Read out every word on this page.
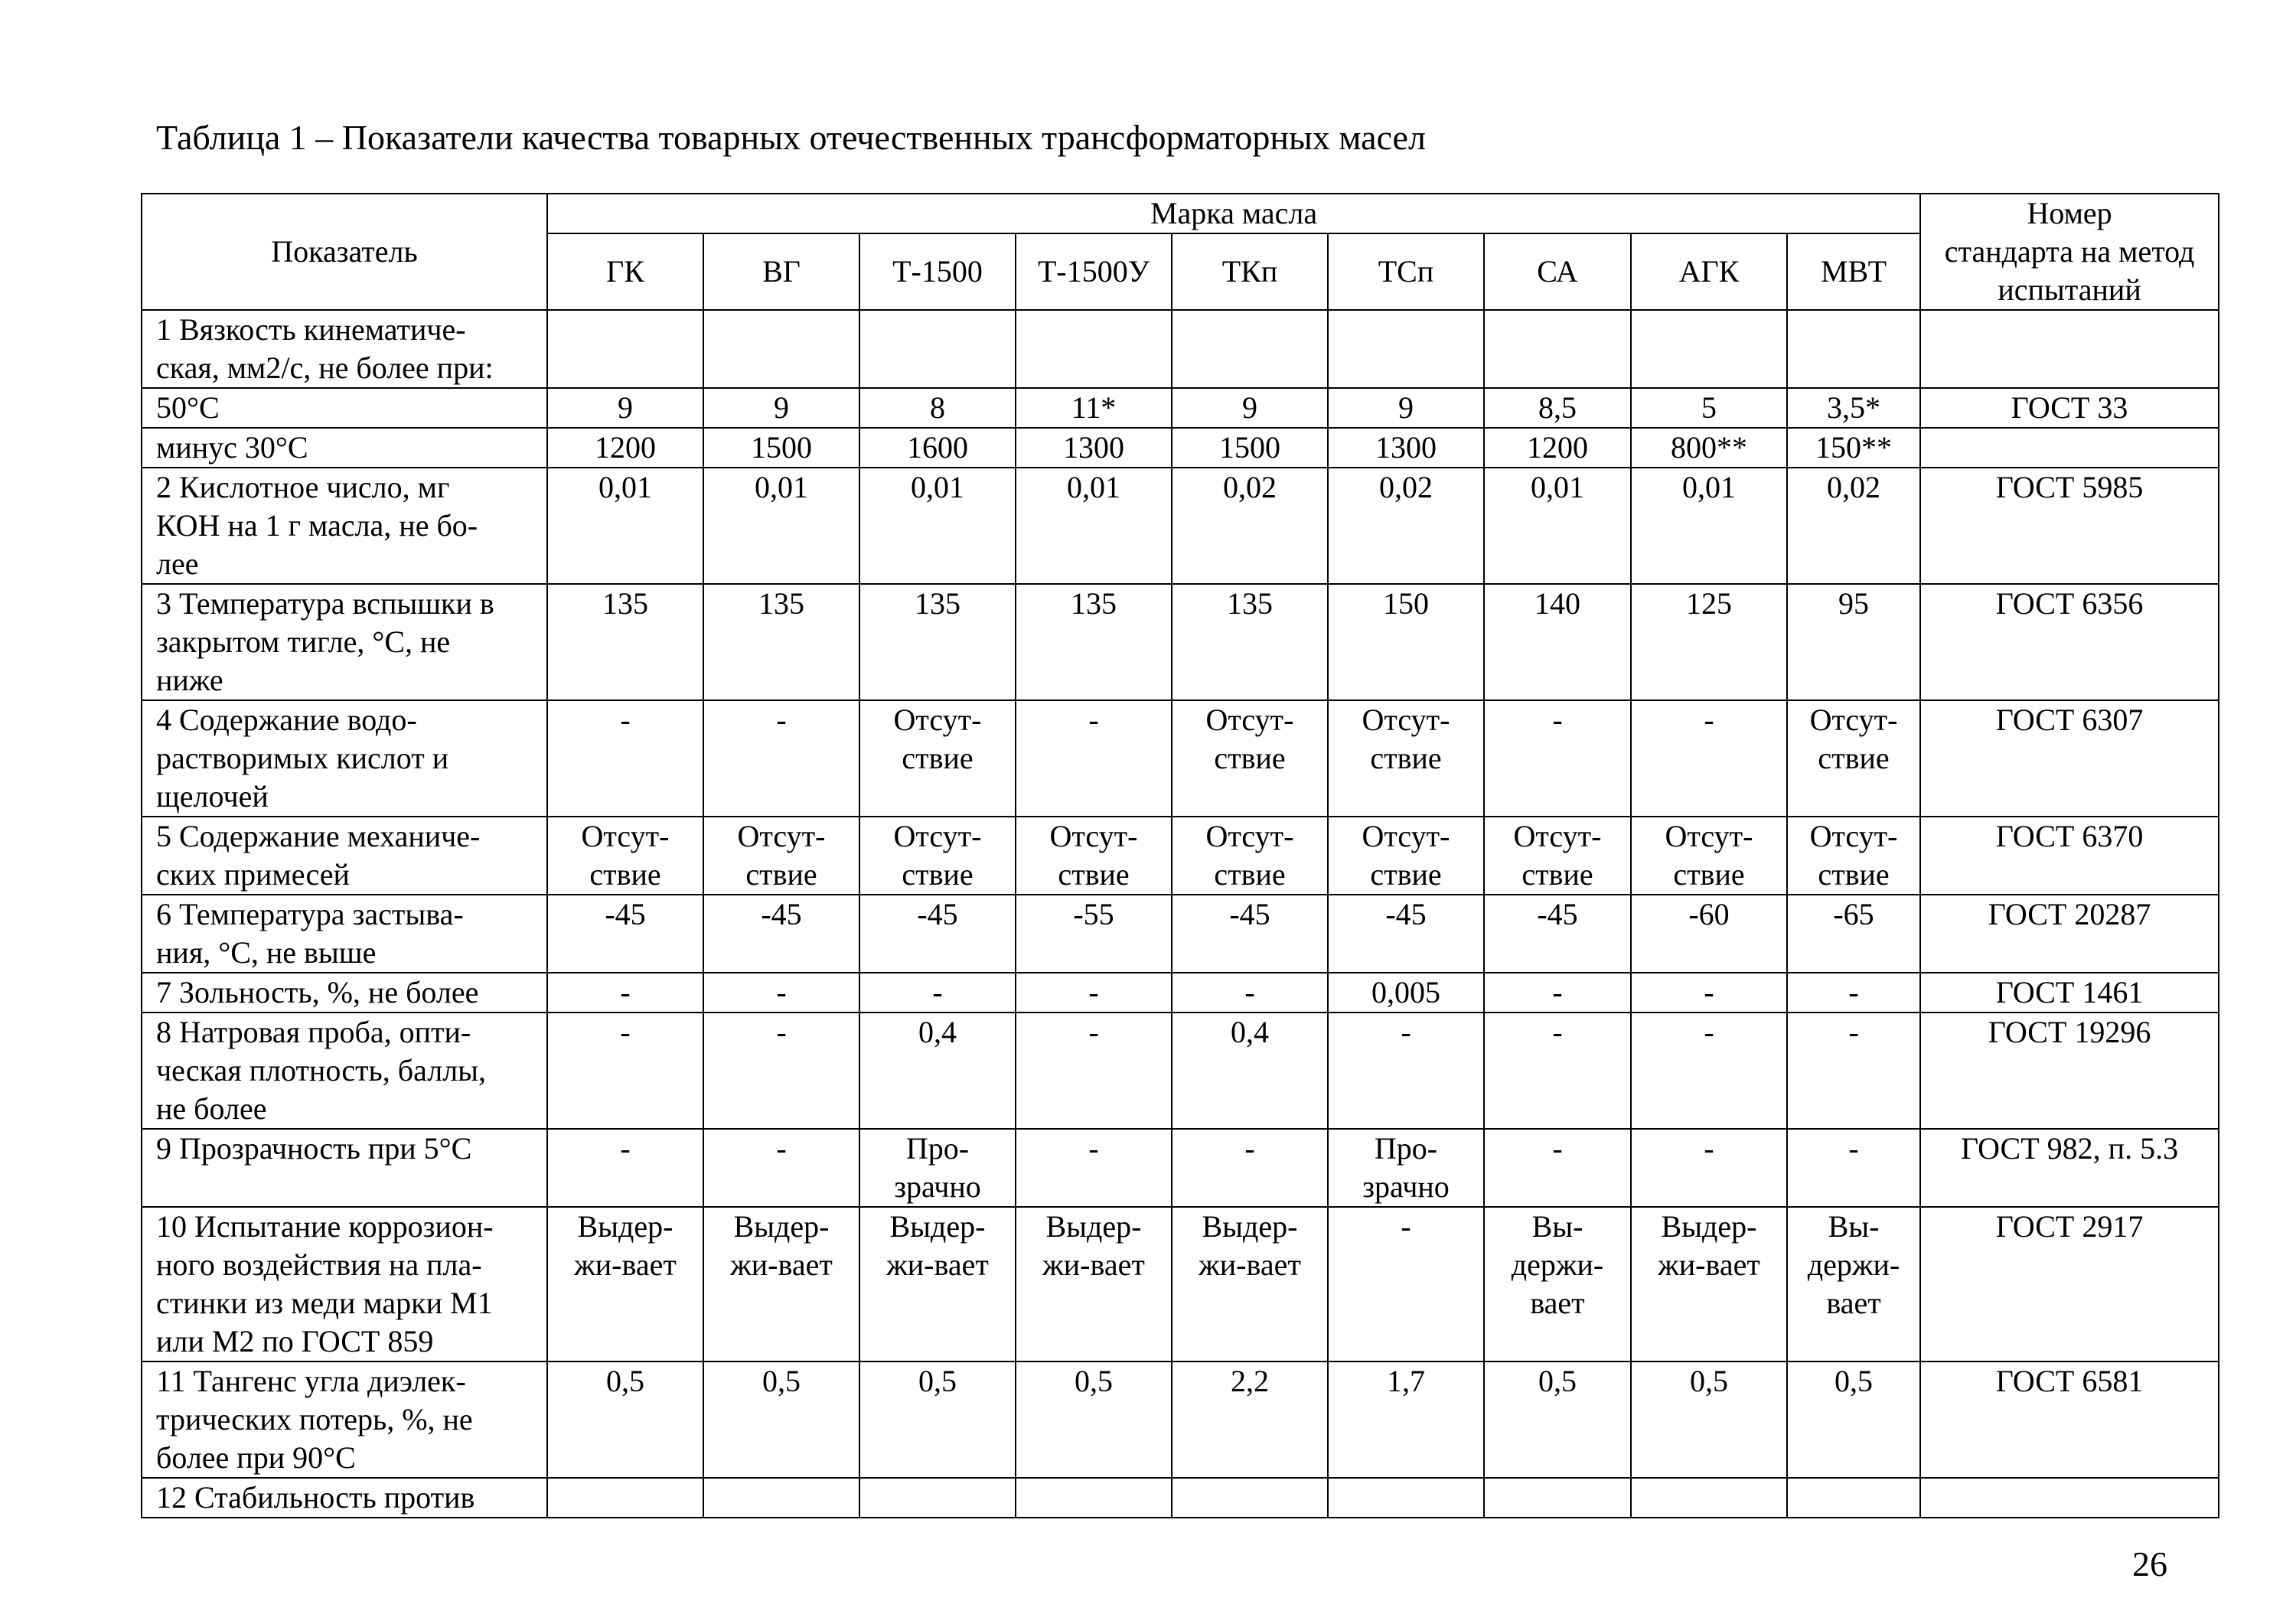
Таблица 1 – Показатели качества товарных отечественных трансформаторных масел
Показатель	Марка масла									Номер
стандарта на метод
испытаний
	ГК	ВГ	Т-1500	Т-1500У	ТКп	ТСп	СА	АГК	МВТ	
1 Вязкость кинематиче-
ская, мм2/с, не более при:										
50°С	9	9	8	11*	9	9	8,5	5	3,5*	ГОСТ 33
минус 30°С	1200	1500	1600	1300	1500	1300	1200	800**	150**	
2 Кислотное число, мг
КОН на 1 г масла, не бо-
лее	0,01	0,01	0,01	0,01	0,02	0,02	0,01	0,01	0,02	ГОСТ 5985
3 Температура вспышки в
закрытом тигле, °С, не
ниже	135	135	135	135	135	150	140	125	95	ГОСТ 6356
4 Содержание водо-
растворимых кислот и
щелочей	-	-	Отсут-
ствие	-	Отсут-
ствие	Отсут-
ствие	-	-	Отсут-
ствие	ГОСТ 6307
5 Содержание механиче-
ских примесей	Отсут-
ствие	Отсут-
ствие	Отсут-
ствие	Отсут-
ствие	Отсут-
ствие	Отсут-
ствие	Отсут-
ствие	Отсут-
ствие	Отсут-
ствие	ГОСТ 6370
6 Температура застыва-
ния, °С, не выше	-45	-45	-45	-55	-45	-45	-45	-60	-65	ГОСТ 20287
7 Зольность, %, не более	-	-	-	-	-	0,005	-	-	-	ГОСТ 1461
8 Натровая проба, опти-
ческая плотность, баллы,
не более	-	-	0,4	-	0,4	-	-	-	-	ГОСТ 19296
9 Прозрачность при 5°С	-	-	Про-
зрачно	-	-	Про-
зрачно	-	-	-	ГОСТ 982, п. 5.3
10 Испытание коррозион-
ного воздействия на пла-
стинки из меди марки М1
или М2 по ГОСТ 859	Выдер-
жи-вает	Выдер-
жи-вает	Выдер-
жи-вает	Выдер-
жи-вает	Выдер-
жи-вает	-	Вы-
держи-
вает	Выдер-
жи-вает	Вы-
держи-
вает	ГОСТ 2917
11 Тангенс угла диэлек-
трических потерь, %, не
более при 90°С	0,5	0,5	0,5	0,5	2,2	1,7	0,5	0,5	0,5	ГОСТ 6581
12 Стабильность против										
26
